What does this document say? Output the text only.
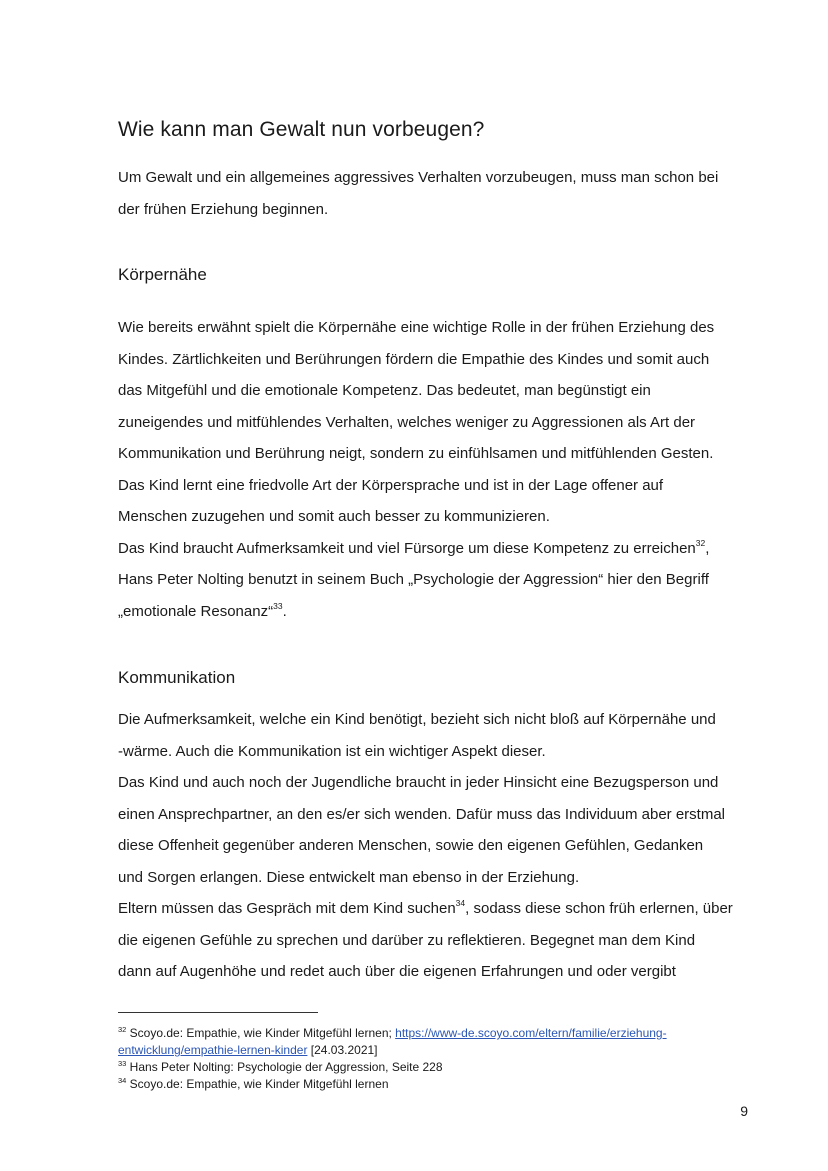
Wie kann man Gewalt nun vorbeugen?

Um Gewalt und ein allgemeines aggressives Verhalten vorzubeugen, muss man schon bei
der frühen Erziehung beginnen.

Körpernähe

Wie bereits erwähnt spielt die Körpernähe eine wichtige Rolle in der frühen Erziehung des
Kindes. Zärtlichkeiten und Berührungen fördern die Empathie des Kindes und somit auch
das Mitgefühl und die emotionale Kompetenz. Das bedeutet, man begünstigt ein
zuneigendes und mitfühlendes Verhalten, welches weniger zu Aggressionen als Art der
Kommunikation und Berührung neigt, sondern zu einfühlsamen und mitfühlenden Gesten.
Das Kind lernt eine friedvolle Art der Körpersprache und ist in der Lage offener auf
Menschen zuzugehen und somit auch besser zu kommunizieren.
Das Kind braucht Aufmerksamkeit und viel Fürsorge um diese Kompetenz zu erreichen$^{32}$,
Hans Peter Nolting benutzt in seinem Buch „Psychologie der Aggression“ hier den Begriff
„emotionale Resonanz“$^{33}$.

Kommunikation

Die Aufmerksamkeit, welche ein Kind benötigt, bezieht sich nicht bloß auf Körpernähe und
-wärme. Auch die Kommunikation ist ein wichtiger Aspekt dieser.
Das Kind und auch noch der Jugendliche braucht in jeder Hinsicht eine Bezugsperson und
einen Ansprechpartner, an den es/er sich wenden. Dafür muss das Individuum aber erstmal
diese Offenheit gegenüber anderen Menschen, sowie den eigenen Gefühlen, Gedanken
und Sorgen erlangen. Diese entwickelt man ebenso in der Erziehung.
Eltern müssen das Gespräch mit dem Kind suchen$^{34}$, sodass diese schon früh erlernen, über
die eigenen Gefühle zu sprechen und darüber zu reflektieren. Begegnet man dem Kind
dann auf Augenhöhe und redet auch über die eigenen Erfahrungen und oder vergibt

$^{32}$ Scoyo.de: Empathie, wie Kinder Mitgefühl lernen; https://www-de.scoyo.com/eltern/familie/erziehung-
entwicklung/empathie-lernen-kinder [24.03.2021]
$^{33}$ Hans Peter Nolting: Psychologie der Aggression, Seite 228
$^{34}$ Scoyo.de: Empathie, wie Kinder Mitgefühl lernen
9
